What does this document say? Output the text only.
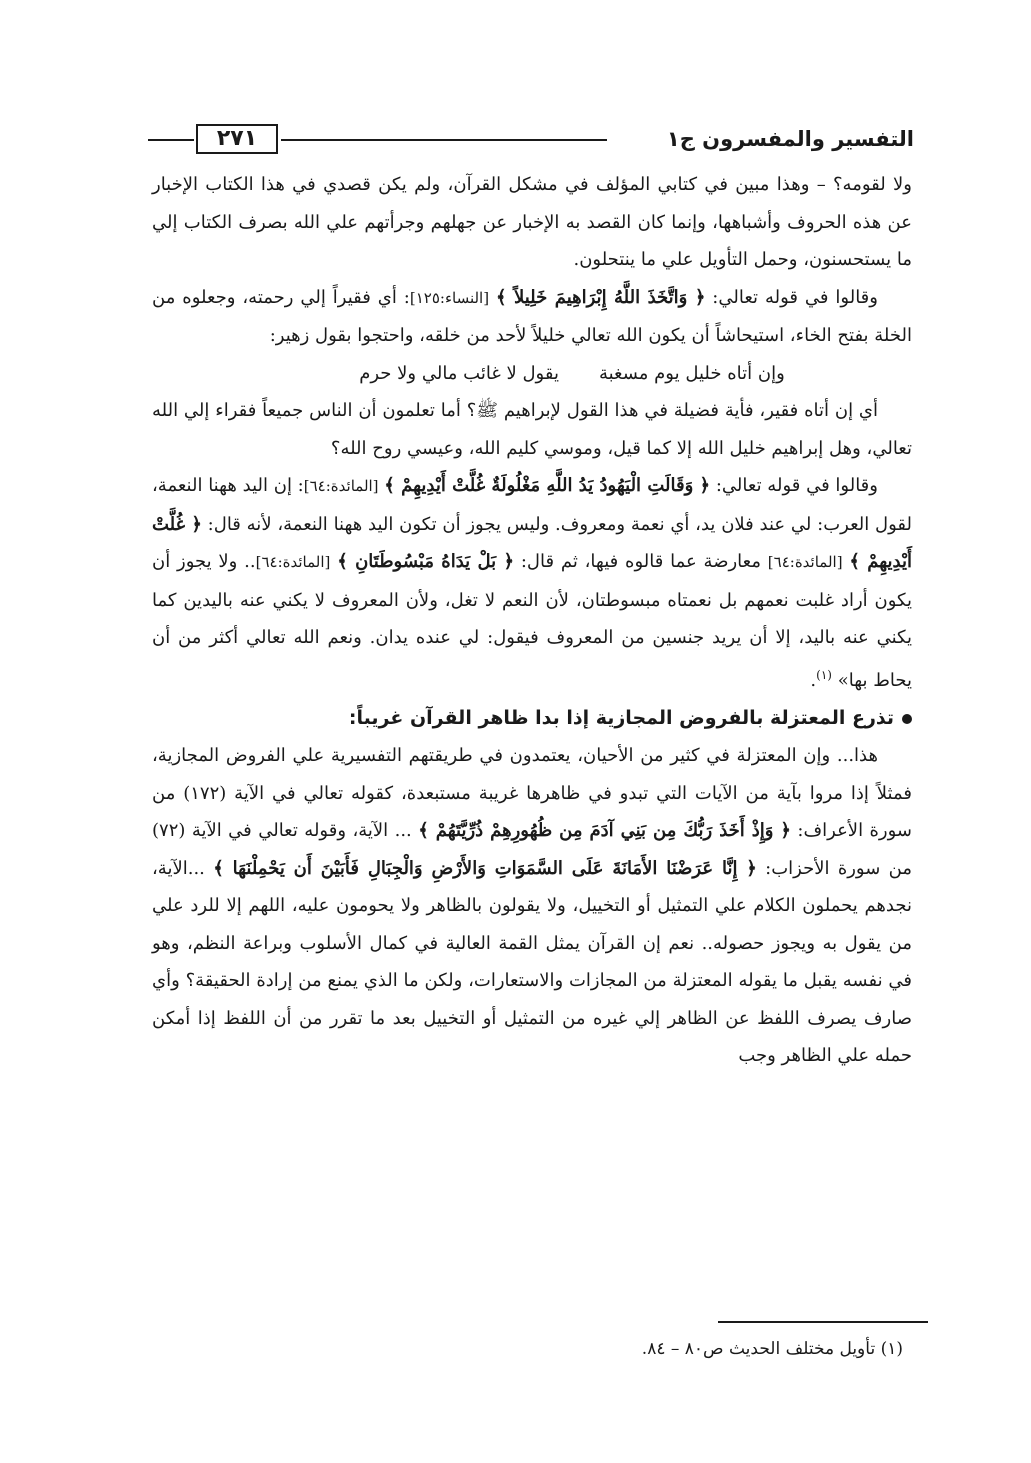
٢٧١	التفسير والمفسرون ج١

ولا لقومه؟ – وهذا مبين في كتابي المؤلف في مشكل القرآن، ولم يكن قصدي في هذا الكتاب الإخبار عن هذه الحروف وأشباهها، وإنما كان القصد به الإخبار عن جهلهم وجرأتهم علي الله بصرف الكتاب إلي ما يستحسنون، وحمل التأويل علي ما ينتحلون.

وقالوا في قوله تعالي: ﴿ وَاتَّخَذَ اللَّهُ إِبْرَاهِيمَ خَلِيلاً ﴾ [النساء:١٢٥]: أي فقيراً إلي رحمته، وجعلوه من الخلة بفتح الخاء، استيحاشاً أن يكون الله تعالي خليلاً لأحد من خلقه، واحتجوا بقول زهير:

وإن أتاه خليل يوم مسغبة
يقول لا غائب مالي ولا حرم

أي إن أتاه فقير، فأية فضيلة في هذا القول لإبراهيم ﷺ؟ أما تعلمون أن الناس جميعاً فقراء إلي الله تعالي، وهل إبراهيم خليل الله إلا كما قيل، وموسي كليم الله، وعيسي روح الله؟

وقالوا في قوله تعالي: ﴿ وَقَالَتِ الْيَهُودُ يَدُ اللَّهِ مَغْلُولَةٌ غُلَّتْ أَيْدِيهِمْ ﴾ [المائدة:٦٤]: إن اليد ههنا النعمة، لقول العرب: لي عند فلان يد، أي نعمة ومعروف. وليس يجوز أن تكون اليد ههنا النعمة، لأنه قال: ﴿ غُلَّتْ أَيْدِيهِمْ ﴾ [المائدة:٦٤] معارضة عما قالوه فيها، ثم قال: ﴿ بَلْ يَدَاهُ مَبْسُوطَتَانِ ﴾ [المائدة:٦٤].. ولا يجوز أن يكون أراد غلبت نعمهم بل نعمتاه مبسوطتان، لأن النعم لا تغل، ولأن المعروف لا يكني عنه باليدين كما يكني عنه باليد، إلا أن يريد جنسين من المعروف فيقول: لي عنده يدان. ونعم الله تعالي أكثر من أن يحاط بها» $^{(١)}$.

تذرع المعتزلة بالفروض المجازية إذا بدا ظاهر القرآن غريباً:

هذا... وإن المعتزلة في كثير من الأحيان، يعتمدون في طريقتهم التفسيرية علي الفروض المجازية، فمثلاً إذا مروا بآية من الآيات التي تبدو في ظاهرها غريبة مستبعدة، كقوله تعالي في الآية (١٧٢) من سورة الأعراف: ﴿ وَإِذْ أَخَذَ رَبُّكَ مِن بَنِي آدَمَ مِن ظُهُورِهِمْ ذُرِّيَّتَهُمْ ﴾ ... الآية، وقوله تعالي في الآية (٧٢) من سورة الأحزاب: ﴿ إِنَّا عَرَضْنَا الأَمَانَةَ عَلَى السَّمَوَاتِ وَالأَرْضِ وَالْجِبَالِ فَأَبَيْنَ أَن يَحْمِلْنَهَا ﴾ ...الآية، نجدهم يحملون الكلام علي التمثيل أو التخييل، ولا يقولون بالظاهر ولا يحومون عليه، اللهم إلا للرد علي من يقول به ويجوز حصوله.. نعم إن القرآن يمثل القمة العالية في كمال الأسلوب وبراعة النظم، وهو في نفسه يقبل ما يقوله المعتزلة من المجازات والاستعارات، ولكن ما الذي يمنع من إرادة الحقيقة؟ وأي صارف يصرف اللفظ عن الظاهر إلي غيره من التمثيل أو التخييل بعد ما تقرر من أن اللفظ إذا أمكن حمله علي الظاهر وجب

(١) تأويل مختلف الحديث ص٨٠ – ٨٤.
